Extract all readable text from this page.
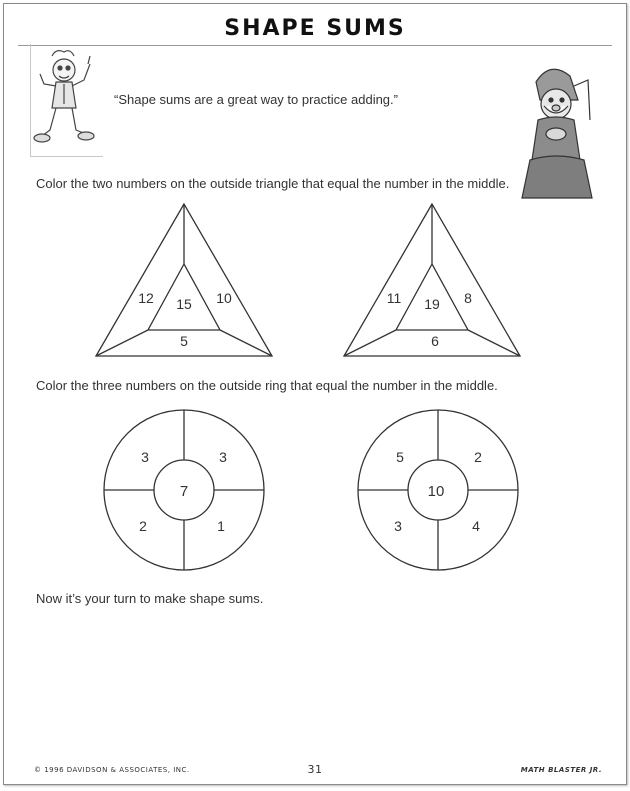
SHAPE SUMS
“Shape sums are a great way to practice adding.”
Color the two numbers on the outside triangle that equal the number in the middle.
12	10
5
15	11	8
6
19
Color the three numbers on the outside ring that equal the number in the middle.
3	3
2	1
7
5	2
3	4
10
Now it’s your turn to make shape sums.
© 1996 DAVIDSON & ASSOCIATES, INC.	31	MATH BLASTER JR.
